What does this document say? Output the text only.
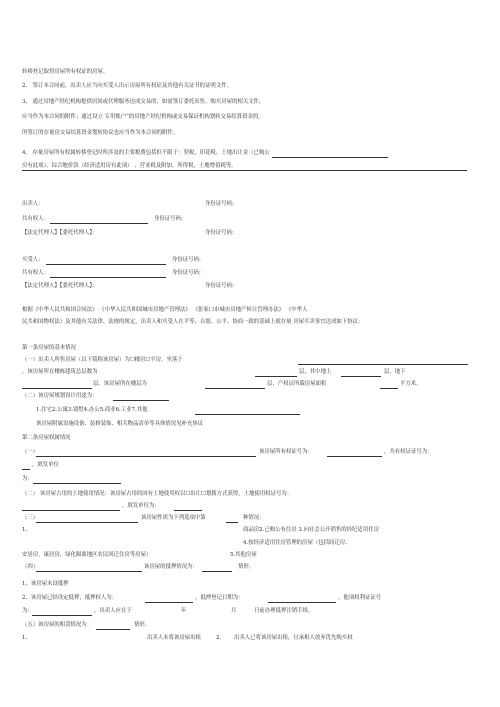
转移登记取得房屋所有权证的房屋。
2、 签订本合同前，出卖人应当向买受人出示房屋所有权证及其他有关证书的证明文件。
3、 通过房地产经纪机构提供居间或代理服务达成交易的，如需签订委托出售、购买房屋的相关文件，
应当作为本合同的附件；通过设立 专用账户“的房地产经纪机构或交易保证机构划转交易结算资金的,
所签订的存量房交易结算资金划转协议也应当作为本合同的附件。
4、 存量房屋所有权属转移登记时所涉及的主要税费包括但不限于：契税、印花税、土地出让金（已购公
房有此项）、综合地价款（经济适用房有此项） 、营业税及附加、所得税、土地增值税等。
出卖人：	身份证号码:
共有权人：	身份证号码:
【法定代理人】【委托代理人】：	身份证号码:
买受人：	身份证号码:
共有权人：	身份证号码:
【法定代理人】【委托代理人】：	身份证号码:
根据《中华人民共和国合同法》 《中华人民共和国城市房地产管理法》 《张家口市城市房地产转让管理办法》 《中华人
民共和国物权法》及其他有关法律、法规的规定，出卖人和买受人在平等、自愿、公平、协商一致的基础上就存量 房屋买卖事宜达成如下协议：
第一条房屋的基本情况
（一）出卖人所售房屋（以下简称该房屋）为☐楼房☐平房，坐落于
，该房屋所在楼栋建筑总层数为	层，其中地上	层，地下
层。该房屋所在楼层为	层，产权证所载房屋面积	平方米。
（二）该房屋规划设计用途为：
1.住宅2.公寓3.别墅4.办公5.商业6.工业7.其他
该房屋附属设施设备、装修装饰、相关物品清单等具体情况见补充协议
第二条房屋权属情况
（一）	该房屋所有权证号为：	，共有权证证号为：
，填发单位
为：
（二） 该房屋占用的土地使用情况：该房屋占用的国有土地使用权以☐出让☐划拨方式获得，土地使用权证号为：
，填发单位为：
（三）	该房屋性质为下列选项中第	种情况：
1、	商品房2.已购公有住房 3.向社会公开销售的经纪适用住房
4.按经济适用住房管理的房屋（包括间迁房、
安居房，康居房，绿化隔离地区农民回迁住房等房屋）	5.其他房屋
（四）	该房屋的抵押情况为：	情形。
1、该房屋未设抵押
2、该房屋已经设定抵押，抵押权人为：	，抵押登记日期为：	，他项权利证证号
为：	，出卖人应在于	年	月	日前办理抵押注销手续。
（五）该房屋的租赁情况为：	情形。
1、	出卖人未将该房屋出租	2. 出卖人已将该房屋出租，且承租人放弃优先购买权
